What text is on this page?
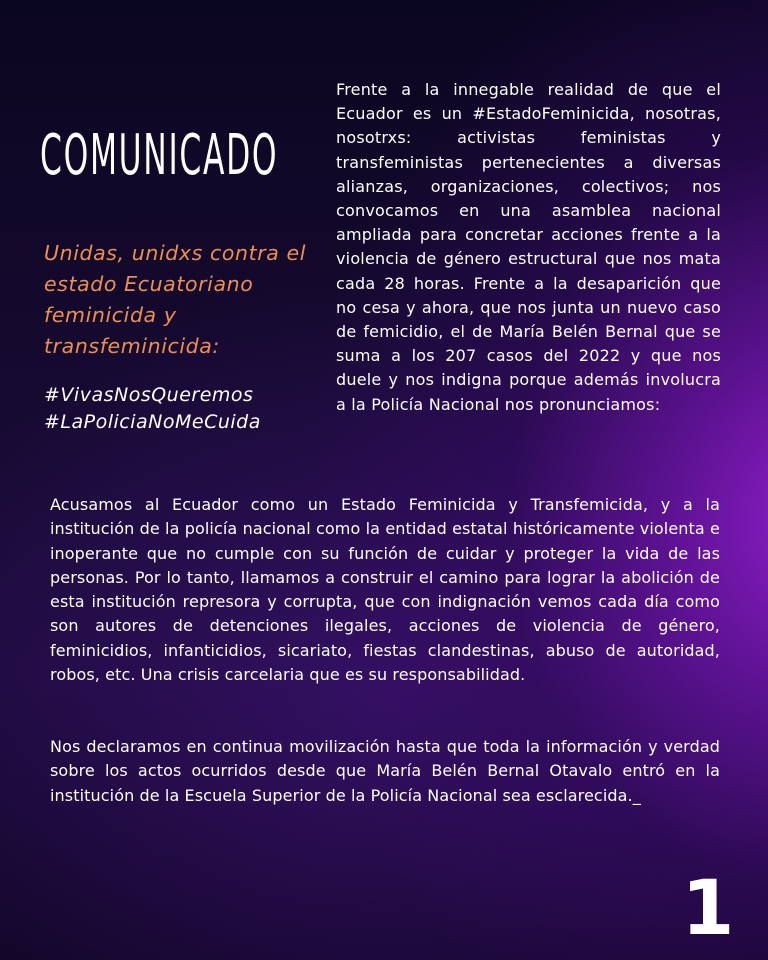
COMUNICADO
Unidas, unidxs contra el estado Ecuatoriano feminicida y transfeminicida:
#VivasNosQueremos
#LaPoliciaNoMeCuida
Frente a la innegable realidad de que el Ecuador es un #EstadoFeminicida, nosotras, nosotrxs: activistas feministas y transfeministas pertenecientes a diversas alianzas, organizaciones, colectivos; nos convocamos en una asamblea nacional ampliada para concretar acciones frente a la violencia de género estructural que nos mata cada 28 horas. Frente a la desaparición que no cesa y ahora, que nos junta un nuevo caso de femicidio, el de María Belén Bernal que se suma a los 207 casos del 2022 y que nos duele y nos indigna porque además involucra a la Policía Nacional nos pronunciamos:
Acusamos al Ecuador como un Estado Feminicida y Transfemicida, y a la institución de la policía nacional como la entidad estatal históricamente violenta e inoperante que no cumple con su función de cuidar y proteger la vida de las personas. Por lo tanto, llamamos a construir el camino para lograr la abolición de esta institución represora y corrupta, que con indignación vemos cada día como son autores de detenciones ilegales, acciones de violencia de género, feminicidios, infanticidios, sicariato, fiestas clandestinas, abuso de autoridad, robos, etc. Una crisis carcelaria que es su responsabilidad.
Nos declaramos en continua movilización hasta que toda la información y verdad sobre los actos ocurridos desde que María Belén Bernal Otavalo entró en la institución de la Escuela Superior de la Policía Nacional sea esclarecida._
1
